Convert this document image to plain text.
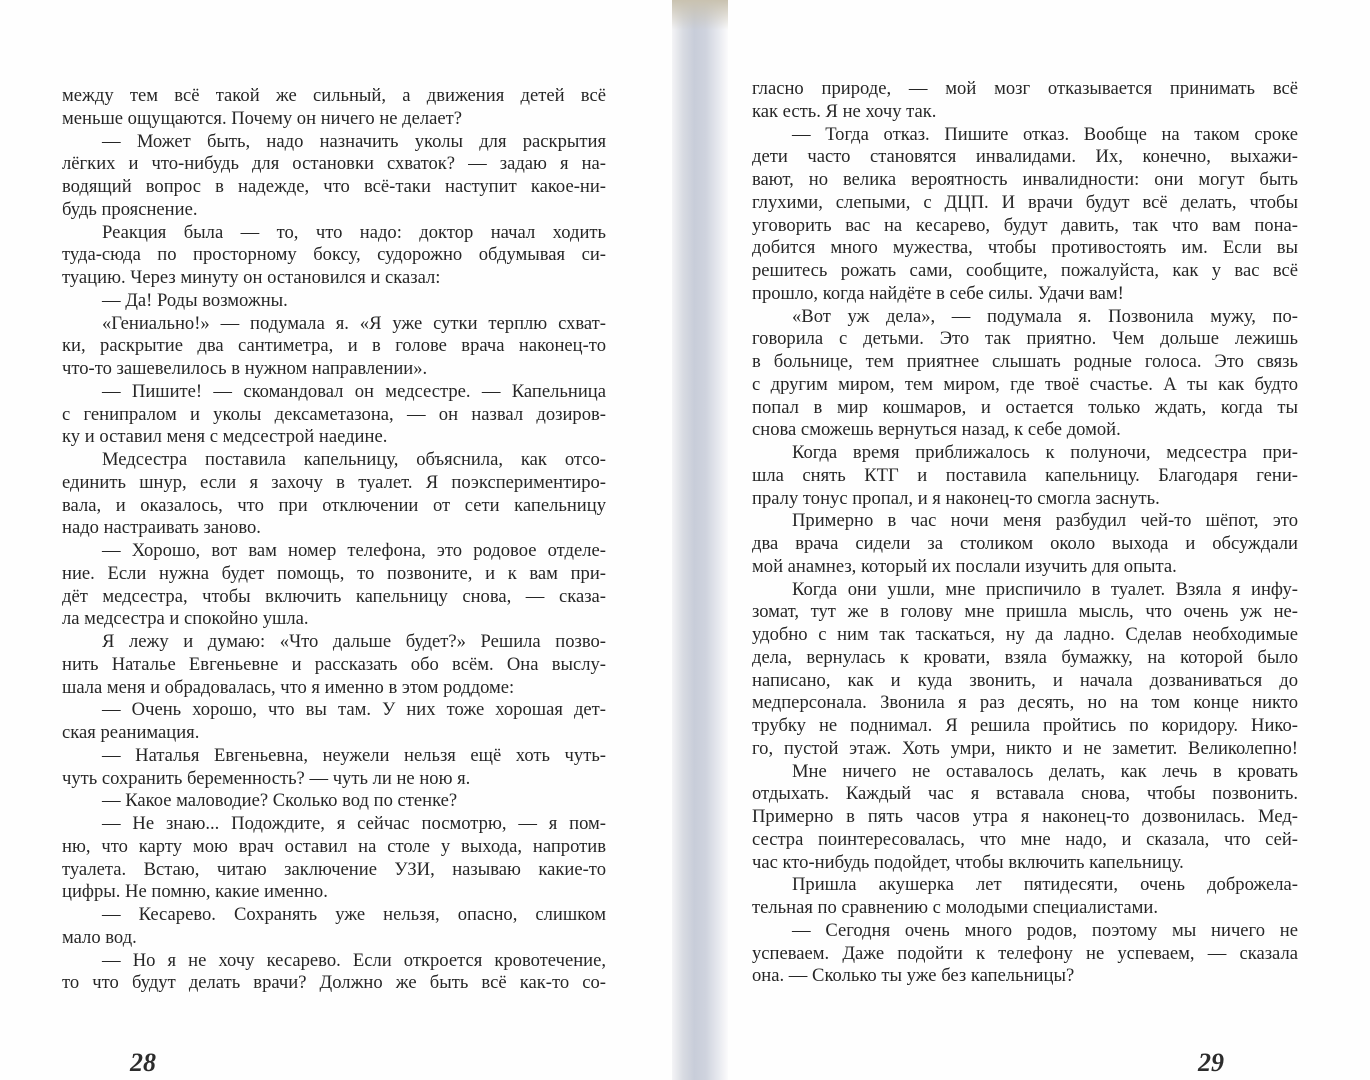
между тем всё такой же сильный, а движения детей всё
меньше ощущаются. Почему он ничего не делает?
— Может быть, надо назначить уколы для раскрытия
лёгких и что-нибудь для остановки схваток? — задаю я на-
водящий вопрос в надежде, что всё-таки наступит какое-ни-
будь прояснение.
Реакция была — то, что надо: доктор начал ходить
туда-сюда по просторному боксу, судорожно обдумывая си-
туацию. Через минуту он остановился и сказал:
— Да! Роды возможны.
«Гениально!» — подумала я. «Я уже сутки терплю схват-
ки, раскрытие два сантиметра, и в голове врача наконец-то
что-то зашевелилось в нужном направлении».
— Пишите! — скомандовал он медсестре. — Капельница
с генипралом и уколы дексаметазона, — он назвал дозиров-
ку и оставил меня с медсестрой наедине.
Медсестра поставила капельницу, объяснила, как отсо-
единить шнур, если я захочу в туалет. Я поэкспериментиро-
вала, и оказалось, что при отключении от сети капельницу
надо настраивать заново.
— Хорошо, вот вам номер телефона, это родовое отделе-
ние. Если нужна будет помощь, то позвоните, и к вам при-
дёт медсестра, чтобы включить капельницу снова, — сказа-
ла медсестра и спокойно ушла.
Я лежу и думаю: «Что дальше будет?» Решила позво-
нить Наталье Евгеньевне и рассказать обо всём. Она выслу-
шала меня и обрадовалась, что я именно в этом роддоме:
— Очень хорошо, что вы там. У них тоже хорошая дет-
ская реанимация.
— Наталья Евгеньевна, неужели нельзя ещё хоть чуть-
чуть сохранить беременность? — чуть ли не ною я.
— Какое маловодие? Сколько вод по стенке?
— Не знаю... Подождите, я сейчас посмотрю, — я пом-
ню, что карту мою врач оставил на столе у выхода, напротив
туалета. Встаю, читаю заключение УЗИ, называю какие-то
цифры. Не помню, какие именно.
— Кесарево. Сохранять уже нельзя, опасно, слишком
мало вод.
— Но я не хочу кесарево. Если откроется кровотечение,
то что будут делать врачи? Должно же быть всё как-то со-
28
гласно природе, — мой мозг отказывается принимать всё
как есть. Я не хочу так.
— Тогда отказ. Пишите отказ. Вообще на таком сроке
дети часто становятся инвалидами. Их, конечно, выхажи-
вают, но велика вероятность инвалидности: они могут быть
глухими, слепыми, с ДЦП. И врачи будут всё делать, чтобы
уговорить вас на кесарево, будут давить, так что вам пона-
добится много мужества, чтобы противостоять им. Если вы
решитесь рожать сами, сообщите, пожалуйста, как у вас всё
прошло, когда найдёте в себе силы. Удачи вам!
«Вот уж дела», — подумала я. Позвонила мужу, по-
говорила с детьми. Это так приятно. Чем дольше лежишь
в больнице, тем приятнее слышать родные голоса. Это связь
с другим миром, тем миром, где твоё счастье. А ты как будто
попал в мир кошмаров, и остается только ждать, когда ты
снова сможешь вернуться назад, к себе домой.
Когда время приближалось к полуночи, медсестра при-
шла снять КТГ и поставила капельницу. Благодаря гени-
пралу тонус пропал, и я наконец-то смогла заснуть.
Примерно в час ночи меня разбудил чей-то шёпот, это
два врача сидели за столиком около выхода и обсуждали
мой анамнез, который их послали изучить для опыта.
Когда они ушли, мне приспичило в туалет. Взяла я инфу-
зомат, тут же в голову мне пришла мысль, что очень уж не-
удобно с ним так таскаться, ну да ладно. Сделав необходимые
дела, вернулась к кровати, взяла бумажку, на которой было
написано, как и куда звонить, и начала дозваниваться до
медперсонала. Звонила я раз десять, но на том конце никто
трубку не поднимал. Я решила пройтись по коридору. Нико-
го, пустой этаж. Хоть умри, никто и не заметит. Великолепно!
Мне ничего не оставалось делать, как лечь в кровать
отдыхать. Каждый час я вставала снова, чтобы позвонить.
Примерно в пять часов утра я наконец-то дозвонилась. Мед-
сестра поинтересовалась, что мне надо, и сказала, что сей-
час кто-нибудь подойдет, чтобы включить капельницу.
Пришла акушерка лет пятидесяти, очень доброжела-
тельная по сравнению с молодыми специалистами.
— Сегодня очень много родов, поэтому мы ничего не
успеваем. Даже подойти к телефону не успеваем, — сказала
она. — Сколько ты уже без капельницы?
29
